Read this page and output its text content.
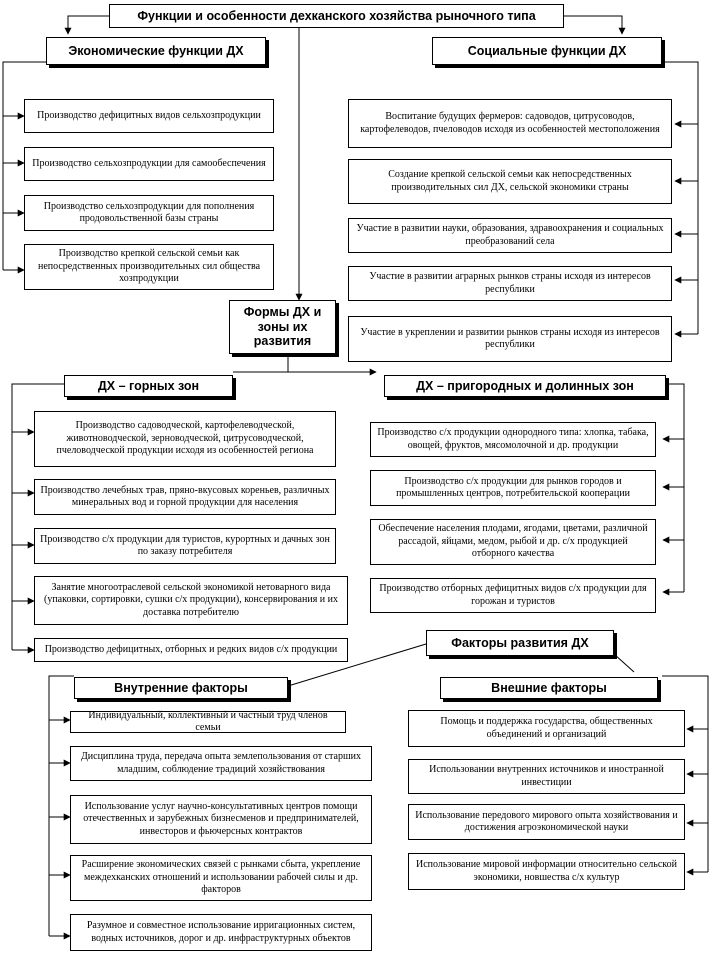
Функции и особенности дехканского хозяйства рыночного типа
Экономические функции ДХ
Производство дефицитных видов сельхозпродукции
Производство сельхозпродукции для самообеспечения
Производство сельхозпродукции для пополнения продовольственной базы страны
Производство крепкой сельской семьи как непосредственных производительных сил общества хозпродукции
Социальные функции ДХ
Воспитание будущих фермеров: садоводов, цитрусоводов, картофелеводов, пчеловодов исходя из особенностей местоположения
Создание крепкой сельской семьи как непосредственных производительных сил ДХ, сельской экономики страны
Участие в развитии науки, образования, здравоохранения и социальных преобразований села
Участие в развитии аграрных рынков страны исходя из интересов республики
Участие в укреплении и развитии рынков страны исходя из интересов республики
Формы ДХ и зоны их развития
ДХ – горных зон
Производство садоводческой, картофелеводческой, животноводческой, зерноводческой, цитрусоводческой, пчеловодческой продукции исходя из особенностей региона
Производство лечебных трав, пряно-вкусовых кореньев, различных минеральных вод и горной продукции для населения
Производство с/х продукции для туристов, курортных и дачных зон по заказу потребителя
Занятие многоотраслевой сельской экономикой нетоварного вида (упаковки, сортировки, сушки с/х продукции), консервирования и их доставка потребителю
Производство дефицитных, отборных и редких видов с/х продукции
ДХ – пригородных и долинных зон
Производство с/х продукции однородного типа: хлопка, табака, овощей, фруктов, мясомолочной и др. продукции
Производство с/х продукции для рынков городов и промышленных центров, потребительской кооперации
Обеспечение населения плодами, ягодами, цветами, различной рассадой, яйцами, медом, рыбой и др. с/х продукцией отборного качества
Производство отборных дефицитных видов с/х продукции для горожан и туристов
Факторы развития ДХ
Внутренние факторы
Индивидуальный, коллективный и частный труд членов семьи
Дисциплина труда, передача опыта землепользования от старших младшим, соблюдение традиций хозяйствования
Использование услуг научно-консультативных центров помощи отечественных и зарубежных бизнесменов и предпринимателей, инвесторов и фьючерсных контрактов
Расширение экономических связей с рынками сбыта, укрепление междехканских отношений и использовании рабочей силы и др. факторов
Разумное и совместное использование ирригационных систем, водных источников, дорог и др. инфраструктурных объектов
Внешние факторы
Помощь и поддержка государства, общественных объединений и организаций
Использовании внутренних источников и иностранной инвестиции
Использование передового мирового опыта хозяйствования и достижения агроэкономической науки
Использование мировой информации относительно сельской экономики, новшества с/х культур
